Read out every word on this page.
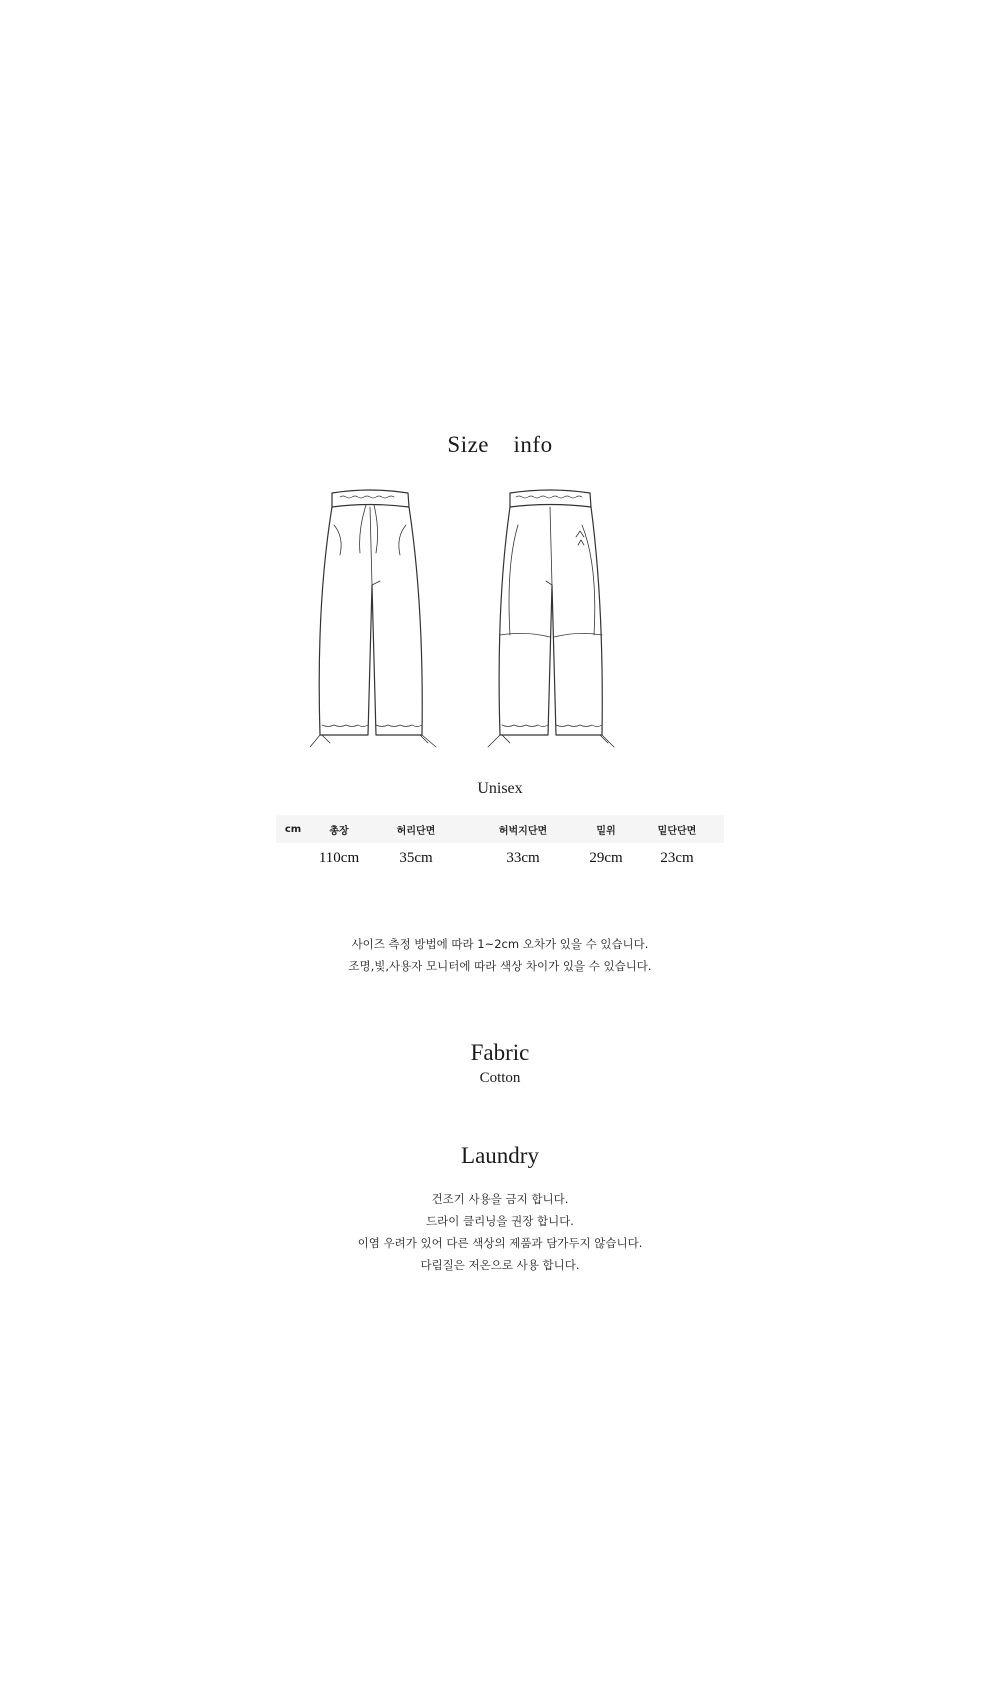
Size  info
Unisex
cm	총장	허리단면	허벅지단면	밑위	밑단단면
	110cm	35cm	33cm	29cm	23cm
사이즈 측정 방법에 따라 1~2cm 오차가 있을 수 있습니다.
조명,빛,사용자 모니터에 따라 색상 차이가 있을 수 있습니다.
Fabric
Cotton
Laundry
건조기 사용을 금지 합니다.
드라이 클리닝을 권장 합니다.
이염 우려가 있어 다른 색상의 제품과 담가두지 않습니다.
다림질은 저온으로 사용 합니다.
